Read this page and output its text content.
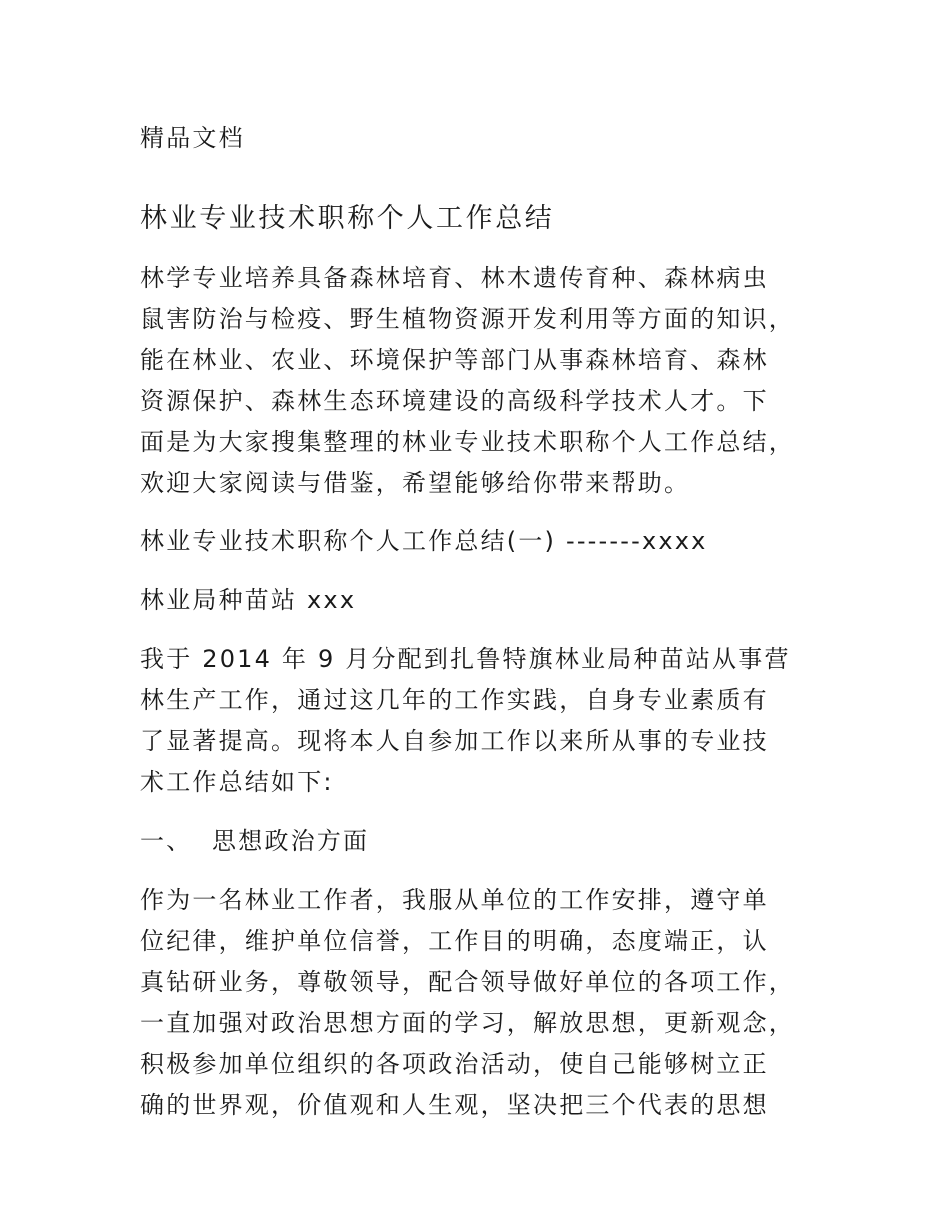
精品文档
林业专业技术职称个人工作总结
林学专业培养具备森林培育、林木遗传育种、森林病虫
鼠害防治与检疫、野生植物资源开发利用等方面的知识，
能在林业、农业、环境保护等部门从事森林培育、森林
资源保护、森林生态环境建设的高级科学技术人才。下
面是为大家搜集整理的林业专业技术职称个人工作总结，
欢迎大家阅读与借鉴，希望能够给你带来帮助。
林业专业技术职称个人工作总结(一) -------xxxx
林业局种苗站 xxx
我于 2014 年 9 月分配到扎鲁特旗林业局种苗站从事营
林生产工作，通过这几年的工作实践，自身专业素质有
了显著提高。现将本人自参加工作以来所从事的专业技
术工作总结如下:
一、  思想政治方面
作为一名林业工作者，我服从单位的工作安排，遵守单
位纪律，维护单位信誉，工作目的明确，态度端正，认
真钻研业务，尊敬领导，配合领导做好单位的各项工作，
一直加强对政治思想方面的学习，解放思想，更新观念，
积极参加单位组织的各项政治活动，使自己能够树立正
确的世界观，价值观和人生观，坚决把三个代表的思想
